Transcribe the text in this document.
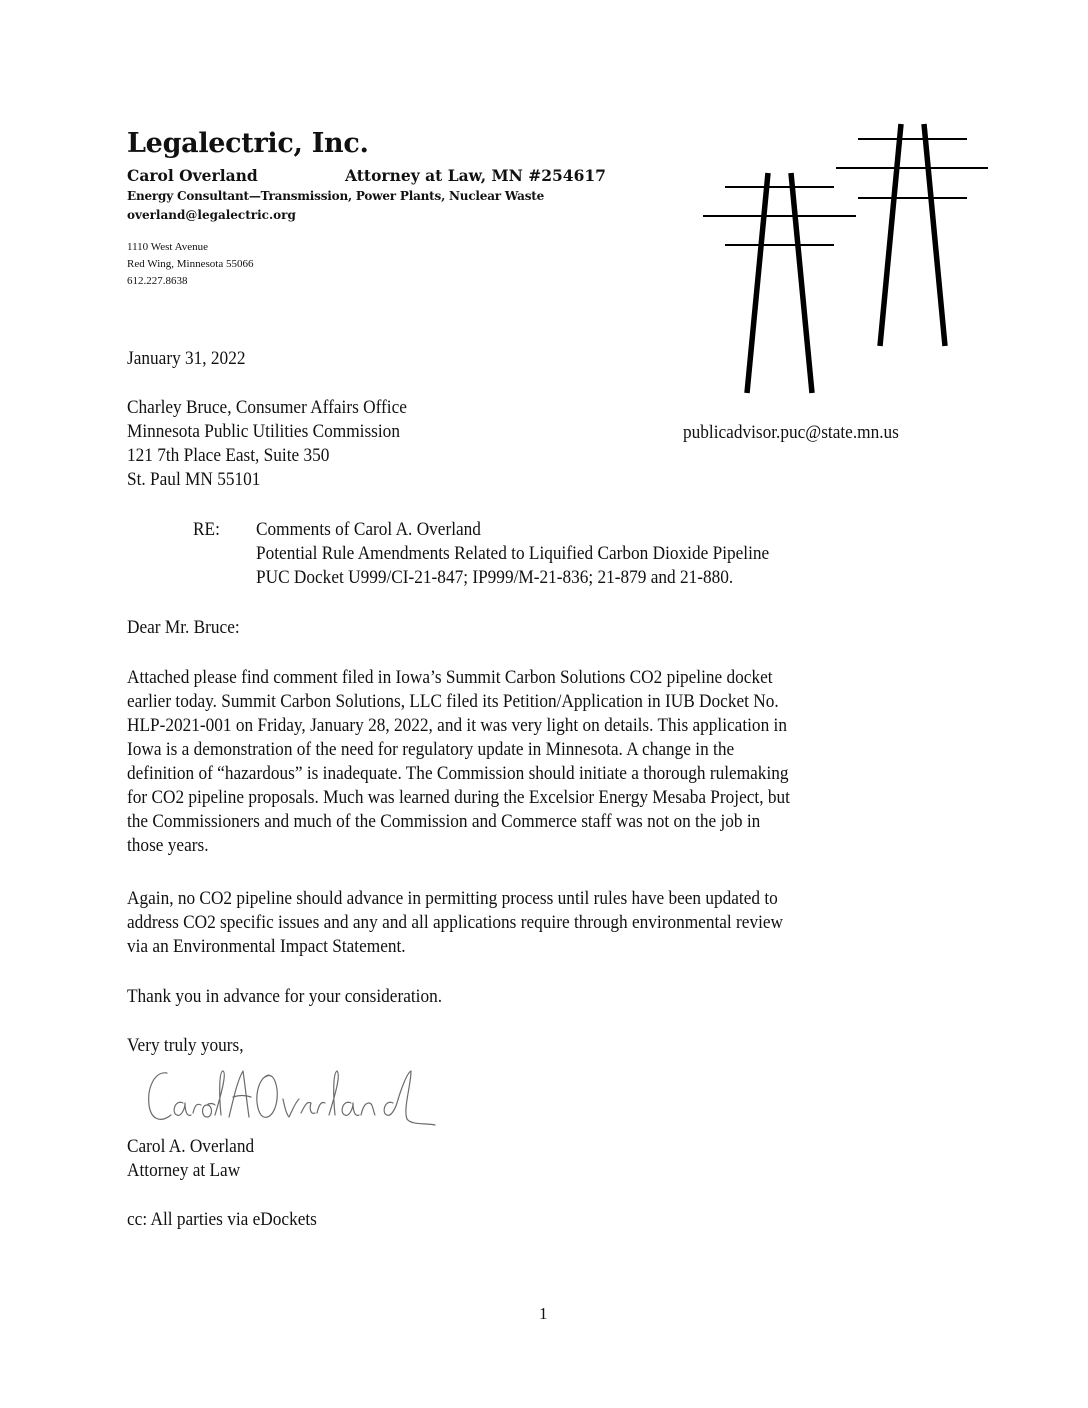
Legalectric, Inc.
Carol Overland	Attorney at Law, MN #254617
Energy Consultant—Transmission, Power Plants, Nuclear Waste
overland@legalectric.org
1110 West Avenue
Red Wing, Minnesota 55066
612.227.8638
January 31, 2022
Charley Bruce, Consumer Affairs Office
Minnesota Public Utilities Commission
121 7th Place East, Suite 350
St. Paul MN 55101
publicadvisor.puc@state.mn.us
RE: Comments of Carol A. Overland
Potential Rule Amendments Related to Liquified Carbon Dioxide Pipeline
PUC Docket U999/CI-21-847; IP999/M-21-836; 21-879 and 21-880.
Dear Mr. Bruce:
Attached please find comment filed in Iowa’s Summit Carbon Solutions CO2 pipeline docket
earlier today. Summit Carbon Solutions, LLC filed its Petition/Application in IUB Docket No.
HLP-2021-001 on Friday, January 28, 2022, and it was very light on details. This application in
Iowa is a demonstration of the need for regulatory update in Minnesota. A change in the
definition of “hazardous” is inadequate. The Commission should initiate a thorough rulemaking
for CO2 pipeline proposals. Much was learned during the Excelsior Energy Mesaba Project, but
the Commissioners and much of the Commission and Commerce staff was not on the job in
those years.
Again, no CO2 pipeline should advance in permitting process until rules have been updated to
address CO2 specific issues and any and all applications require through environmental review
via an Environmental Impact Statement.
Thank you in advance for your consideration.
Very truly yours,
Carol A. Overland
Attorney at Law
cc: All parties via eDockets
1
